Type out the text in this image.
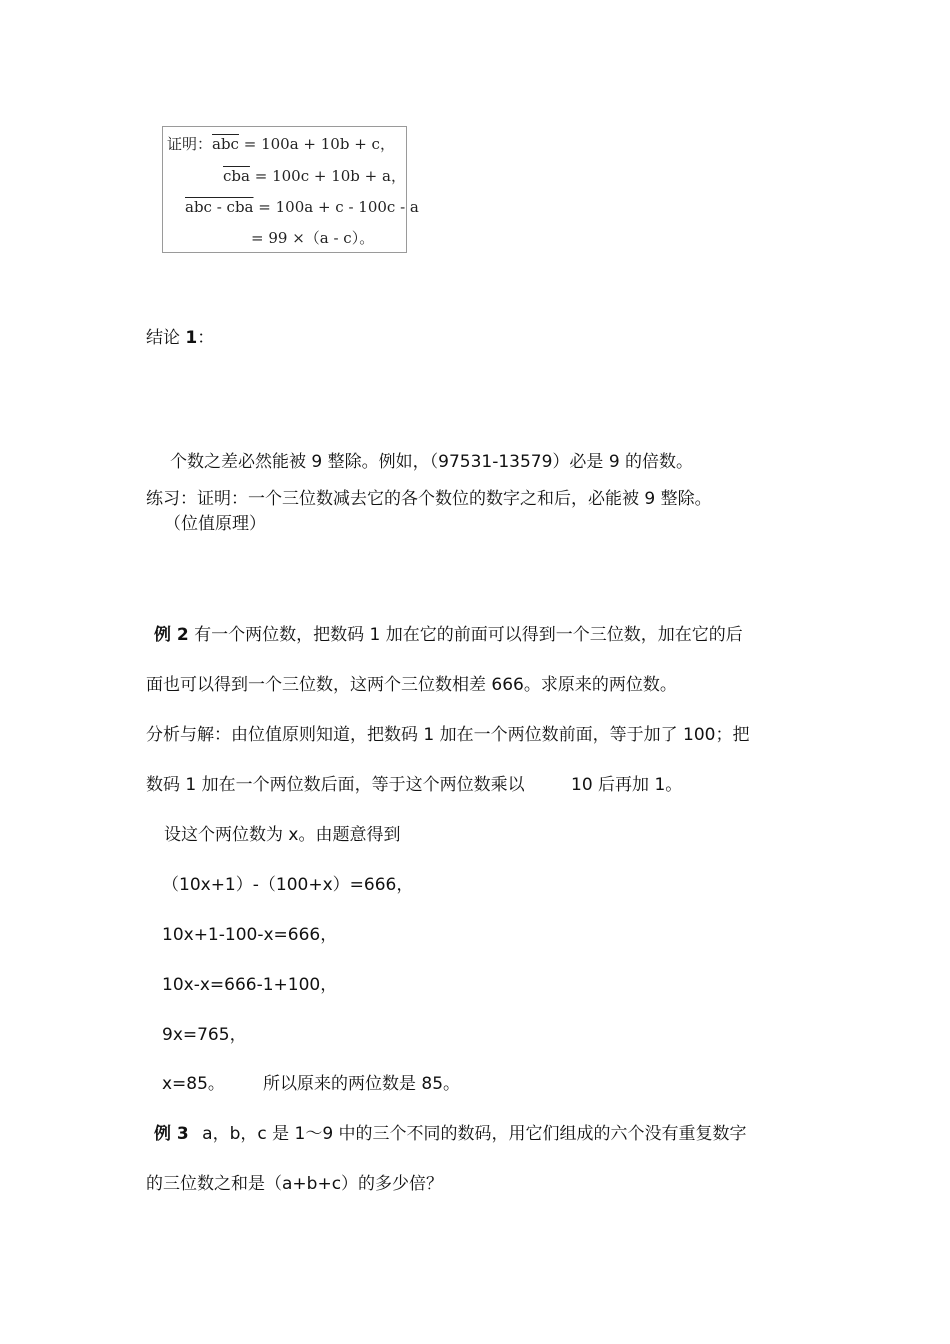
证明：$\overline{abc} = 100a + 10b + c$，
$\overline{cba} = 100c + 10b + a$，
abc - cba = 100a + c - 100c - a
= 99 ×（a - c）。
结论 1：
个数之差必然能被 9 整除。例如，（97531-13579）必是 9 的倍数。
练习：证明：一个三位数减去它的各个数位的数字之和后，必能被 9 整除。
（位值原理）
例 2 有一个两位数，把数码 1 加在它的前面可以得到一个三位数，加在它的后
面也可以得到一个三位数，这两个三位数相差 666。求原来的两位数。
分析与解：由位值原则知道，把数码 1 加在一个两位数前面，等于加了 100；把
数码 1 加在一个两位数后面，等于这个两位数乘以	10 后再加 1。
设这个两位数为 x。由题意得到
（10x+1）-（100+x）=666，
10x+1-100-x=666，
10x-x=666-1+100，
9x=765，
x=85。 所以原来的两位数是 85。
例 3 a，b，c 是 1～9 中的三个不同的数码，用它们组成的六个没有重复数字
的三位数之和是（a+b+c）的多少倍？
